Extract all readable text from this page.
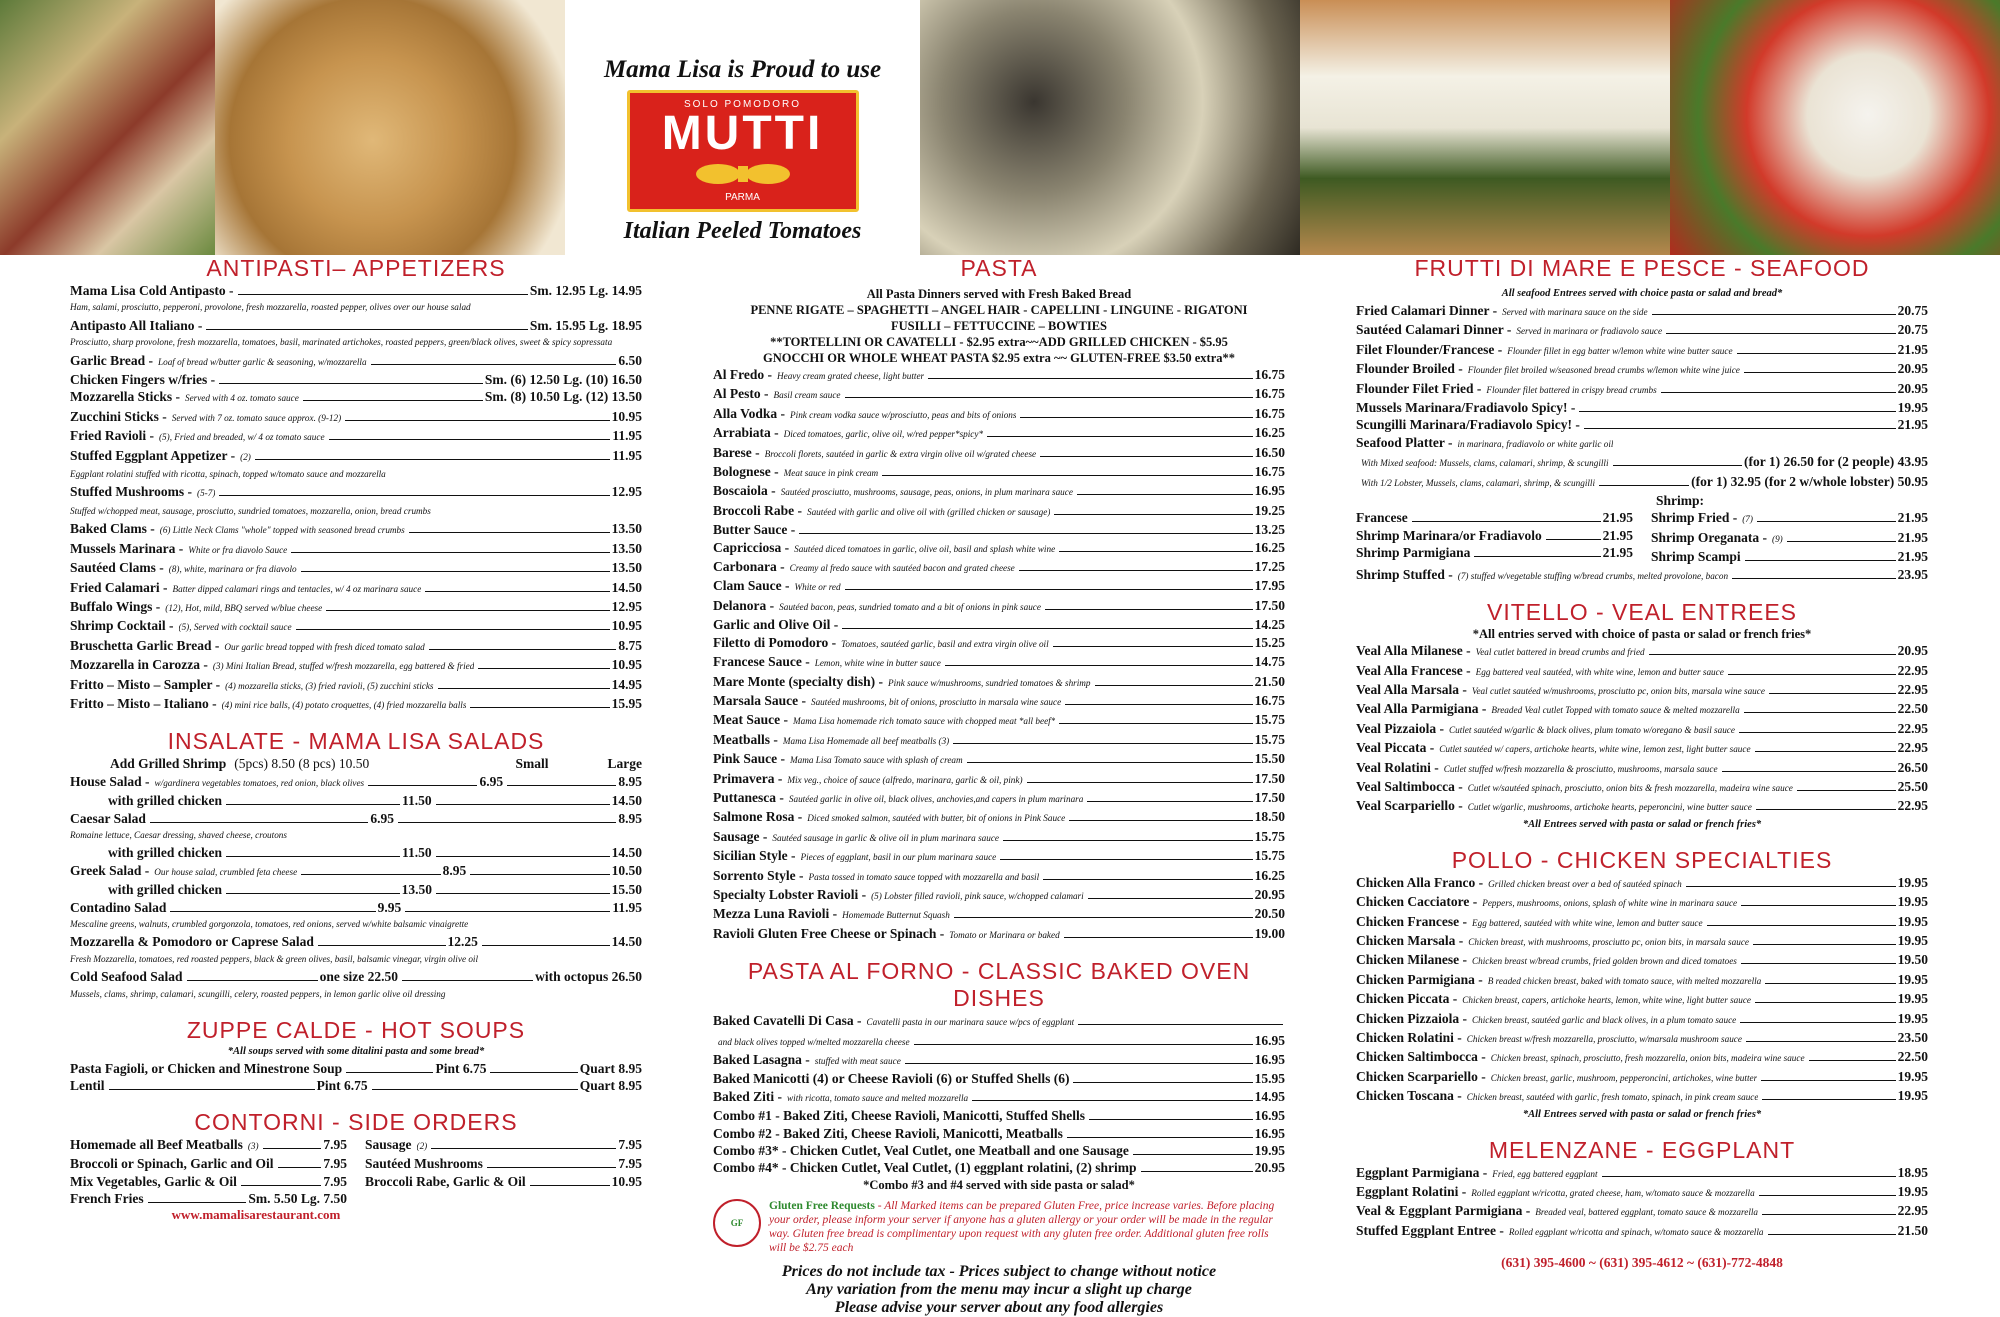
Mama Lisa is Proud to use
SOLO POMODORO
MUTTI
PARMA
Italian Peeled Tomatoes
ANTIPASTI– APPETIZERS
Mama Lisa Cold Antipasto -	Sm. 12.95 Lg. 14.95
Ham, salami, prosciutto, pepperoni, provolone, fresh mozzarella, roasted pepper, olives over our house salad
Antipasto All Italiano -	Sm. 15.95 Lg. 18.95
Prosciutto, sharp provolone, fresh mozzarella, tomatoes, basil, marinated artichokes, roasted peppers, green/black olives, sweet & spicy sopressata
Garlic Bread - Loaf of bread w/butter garlic & seasoning, w/mozzarella	6.50
Chicken Fingers w/fries -	Sm. (6) 12.50 Lg. (10) 16.50
Mozzarella Sticks - Served with 4 oz. tomato sauce	Sm. (8) 10.50 Lg. (12) 13.50
Zucchini Sticks - Served with 7 oz. tomato sauce approx. (9-12)	10.95
Fried Ravioli - (5), Fried and breaded, w/ 4 oz tomato sauce	11.95
Stuffed Eggplant Appetizer - (2)	11.95
Eggplant rolatini stuffed with ricotta, spinach, topped w/tomato sauce and mozzarella
Stuffed Mushrooms - (5-7)	12.95
Stuffed w/chopped meat, sausage, prosciutto, sundried tomatoes, mozzarella, onion, bread crumbs
Baked Clams - (6) Little Neck Clams "whole" topped with seasoned bread crumbs	13.50
Mussels Marinara - White or fra diavolo Sauce	13.50
Sautéed Clams - (8), white, marinara or fra diavolo	13.50
Fried Calamari - Batter dipped calamari rings and tentacles, w/ 4 oz marinara sauce	14.50
Buffalo Wings - (12), Hot, mild, BBQ served w/blue cheese	12.95
Shrimp Cocktail - (5), Served with cocktail sauce	10.95
Bruschetta Garlic Bread - Our garlic bread topped with fresh diced tomato salad	8.75
Mozzarella in Carozza - (3) Mini Italian Bread, stuffed w/fresh mozzarella, egg battered & fried	10.95
Fritto – Misto – Sampler - (4) mozzarella sticks, (3) fried ravioli, (5) zucchini sticks	14.95
Fritto – Misto – Italiano - (4) mini rice balls, (4) potato croquettes, (4) fried mozzarella balls	15.95
INSALATE - MAMA LISA SALADS
Add Grilled Shrimp (5pcs) 8.50 (8 pcs) 10.50	Small	Large
House Salad - w/gardinera vegetables tomatoes, red onion, black olives	6.95	8.95
with grilled chicken	11.50	14.50
Caesar Salad	6.95	8.95
Romaine lettuce, Caesar dressing, shaved cheese, croutons
with grilled chicken	11.50	14.50
Greek Salad - Our house salad, crumbled feta cheese	8.95	10.50
with grilled chicken	13.50	15.50
Contadino Salad	9.95	11.95
Mescaline greens, walnuts, crumbled gorgonzola, tomatoes, red onions, served w/white balsamic vinaigrette
Mozzarella & Pomodoro or Caprese Salad	12.25	14.50
Fresh Mozzarella, tomatoes, red roasted peppers, black & green olives, basil, balsamic vinegar, virgin olive oil
Cold Seafood Salad	one size 22.50	with octopus 26.50
Mussels, clams, shrimp, calamari, scungilli, celery, roasted peppers, in lemon garlic olive oil dressing
ZUPPE CALDE - HOT SOUPS
*All soups served with some ditalini pasta and some bread*
Pasta Fagioli, or Chicken and Minestrone Soup	Pint 6.75	Quart 8.95
Lentil	Pint 6.75	Quart 8.95
CONTORNI - SIDE ORDERS
Homemade all Beef Meatballs (3)	7.95
Broccoli or Spinach, Garlic and Oil	7.95
Mix Vegetables, Garlic & Oil	7.95
French Fries	Sm. 5.50 Lg. 7.50
Sausage (2)	7.95
Sautéed Mushrooms	7.95
Broccoli Rabe, Garlic & Oil	10.95
www.mamalisarestaurant.com
PASTA
All Pasta Dinners served with Fresh Baked Bread
PENNE RIGATE – SPAGHETTI – ANGEL HAIR - CAPELLINI - LINGUINE - RIGATONI
FUSILLI – FETTUCCINE – BOWTIES
**TORTELLINI OR CAVATELLI - $2.95 extra~~ADD GRILLED CHICKEN - $5.95
GNOCCHI OR WHOLE WHEAT PASTA $2.95 extra ~~ GLUTEN-FREE $3.50 extra**
Al Fredo - Heavy cream grated cheese, light butter	16.75
Al Pesto - Basil cream sauce	16.75
Alla Vodka - Pink cream vodka sauce w/prosciutto, peas and bits of onions	16.75
Arrabiata - Diced tomatoes, garlic, olive oil, w/red pepper*spicy*	16.25
Barese - Broccoli florets, sautéed in garlic & extra virgin olive oil w/grated cheese	16.50
Bolognese - Meat sauce in pink cream	16.75
Boscaiola - Sautéed prosciutto, mushrooms, sausage, peas, onions, in plum marinara sauce	16.95
Broccoli Rabe - Sautéed with garlic and olive oil with (grilled chicken or sausage)	19.25
Butter Sauce -	13.25
Capricciosa - Sautéed diced tomatoes in garlic, olive oil, basil and splash white wine	16.25
Carbonara - Creamy al fredo sauce with sautéed bacon and grated cheese	17.25
Clam Sauce - White or red	17.95
Delanora - Sautéed bacon, peas, sundried tomato and a bit of onions in pink sauce	17.50
Garlic and Olive Oil -	14.25
Filetto di Pomodoro - Tomatoes, sautéed garlic, basil and extra virgin olive oil	15.25
Francese Sauce - Lemon, white wine in butter sauce	14.75
Mare Monte (specialty dish) - Pink sauce w/mushrooms, sundried tomatoes & shrimp	21.50
Marsala Sauce - Sautéed mushrooms, bit of onions, prosciutto in marsala wine sauce	16.75
Meat Sauce - Mama Lisa homemade rich tomato sauce with chopped meat *all beef*	15.75
Meatballs - Mama Lisa Homemade all beef meatballs (3)	15.75
Pink Sauce - Mama Lisa Tomato sauce with splash of cream	15.50
Primavera - Mix veg., choice of sauce (alfredo, marinara, garlic & oil, pink)	17.50
Puttanesca - Sautéed garlic in olive oil, black olives, anchovies,and capers in plum marinara	17.50
Salmone Rosa - Diced smoked salmon, sautéed with butter, bit of onions in Pink Sauce	18.50
Sausage - Sautéed sausage in garlic & olive oil in plum marinara sauce	15.75
Sicilian Style - Pieces of eggplant, basil in our plum marinara sauce	15.75
Sorrento Style - Pasta tossed in tomato sauce topped with mozzarella and basil	16.25
Specialty Lobster Ravioli - (5) Lobster filled ravioli, pink sauce, w/chopped calamari	20.95
Mezza Luna Ravioli - Homemade Butternut Squash	20.50
Ravioli Gluten Free Cheese or Spinach - Tomato or Marinara or baked	19.00
PASTA AL FORNO - CLASSIC BAKED OVEN DISHES
Baked Cavatelli Di Casa - Cavatelli pasta in our marinara sauce w/pcs of eggplant
and black olives topped w/melted mozzarella cheese	16.95
Baked Lasagna - stuffed with meat sauce	16.95
Baked Manicotti (4) or Cheese Ravioli (6) or Stuffed Shells (6)	15.95
Baked Ziti - with ricotta, tomato sauce and melted mozzarella	14.95
Combo #1 - Baked Ziti, Cheese Ravioli, Manicotti, Stuffed Shells	16.95
Combo #2 - Baked Ziti, Cheese Ravioli, Manicotti, Meatballs	16.95
Combo #3* - Chicken Cutlet, Veal Cutlet, one Meatball and one Sausage	19.95
Combo #4* - Chicken Cutlet, Veal Cutlet, (1) eggplant rolatini, (2) shrimp	20.95
*Combo #3 and #4 served with side pasta or salad*
GF
Gluten Free Requests - All Marked items can be prepared Gluten Free, price increase varies. Before placing your order, please inform your server if anyone has a gluten allergy or your order will be made in the regular way. Gluten free bread is complimentary upon request with any gluten free order. Additional gluten free rolls will be $2.75 each
Prices do not include tax - Prices subject to change without notice
Any variation from the menu may incur a slight up charge
Please advise your server about any food allergies
FRUTTI DI MARE E PESCE - SEAFOOD
All seafood Entrees served with choice pasta or salad and bread*
Fried Calamari Dinner - Served with marinara sauce on the side	20.75
Sautéed Calamari Dinner - Served in marinara or fradiavolo sauce	20.75
Filet Flounder/Francese - Flounder fillet in egg batter w/lemon white wine butter sauce	21.95
Flounder Broiled - Flounder filet broiled w/seasoned bread crumbs w/lemon white wine juice	20.95
Flounder Filet Fried - Flounder filet battered in crispy bread crumbs	20.95
Mussels Marinara/Fradiavolo Spicy! -	19.95
Scungilli Marinara/Fradiavolo Spicy! -	21.95
Seafood Platter - in marinara, fradiavolo or white garlic oil
With Mixed seafood: Mussels, clams, calamari, shrimp, & scungilli	(for 1) 26.50 for (2 people) 43.95
With 1/2 Lobster, Mussels, clams, calamari, shrimp, & scungilli	(for 1) 32.95 (for 2 w/whole lobster) 50.95
Shrimp:
Francese	21.95
Shrimp Marinara/or Fradiavolo	21.95
Shrimp Parmigiana	21.95
Shrimp Fried - (7)	21.95
Shrimp Oreganata - (9)	21.95
Shrimp Scampi	21.95
Shrimp Stuffed - (7) stuffed w/vegetable stuffing w/bread crumbs, melted provolone, bacon	23.95
VITELLO - VEAL ENTREES
*All entries served with choice of pasta or salad or french fries*
Veal Alla Milanese - Veal cutlet battered in bread crumbs and fried	20.95
Veal Alla Francese - Egg battered veal sautéed, with white wine, lemon and butter sauce	22.95
Veal Alla Marsala - Veal cutlet sautéed w/mushrooms, prosciutto pc, onion bits, marsala wine sauce	22.95
Veal Alla Parmigiana - Breaded Veal cutlet Topped with tomato sauce & melted mozzarella	22.50
Veal Pizzaiola - Cutlet sautéed w/garlic & black olives, plum tomato w/oregano & basil sauce	22.95
Veal Piccata - Cutlet sautéed w/ capers, artichoke hearts, white wine, lemon zest, light butter sauce	22.95
Veal Rolatini - Cutlet stuffed w/fresh mozzarella & prosciutto, mushrooms, marsala sauce	26.50
Veal Saltimbocca - Cutlet w/sautéed spinach, prosciutto, onion bits & fresh mozzarella, madeira wine sauce	25.50
Veal Scarpariello - Cutlet w/garlic, mushrooms, artichoke hearts, peperoncini, wine butter sauce	22.95
*All Entrees served with pasta or salad or french fries*
POLLO - CHICKEN SPECIALTIES
Chicken Alla Franco - Grilled chicken breast over a bed of sautéed spinach	19.95
Chicken Cacciatore - Peppers, mushrooms, onions, splash of white wine in marinara sauce	19.95
Chicken Francese - Egg battered, sautéed with white wine, lemon and butter sauce	19.95
Chicken Marsala - Chicken breast, with mushrooms, prosciutto pc, onion bits, in marsala sauce	19.95
Chicken Milanese - Chicken breast w/bread crumbs, fried golden brown and diced tomatoes	19.50
Chicken Parmigiana - B readed chicken breast, baked with tomato sauce, with melted mozzarella	19.95
Chicken Piccata - Chicken breast, capers, artichoke hearts, lemon, white wine, light butter sauce	19.95
Chicken Pizzaiola - Chicken breast, sautéed garlic and black olives, in a plum tomato sauce	19.95
Chicken Rolatini - Chicken breast w/fresh mozzarella, prosciutto, w/marsala mushroom sauce	23.50
Chicken Saltimbocca - Chicken breast, spinach, prosciutto, fresh mozzarella, onion bits, madeira wine sauce	22.50
Chicken Scarpariello - Chicken breast, garlic, mushroom, pepperoncini, artichokes, wine butter	19.95
Chicken Toscana - Chicken breast, sautéed with garlic, fresh tomato, spinach, in pink cream sauce	19.95
*All Entrees served with pasta or salad or french fries*
MELENZANE - EGGPLANT
Eggplant Parmigiana - Fried, egg battered eggplant	18.95
Eggplant Rolatini - Rolled eggplant w/ricotta, grated cheese, ham, w/tomato sauce & mozzarella	19.95
Veal & Eggplant Parmigiana - Breaded veal, battered eggplant, tomato sauce & mozzarella	22.95
Stuffed Eggplant Entree - Rolled eggplant w/ricotta and spinach, w/tomato sauce & mozzarella	21.50
(631) 395-4600 ~ (631) 395-4612 ~ (631)-772-4848
